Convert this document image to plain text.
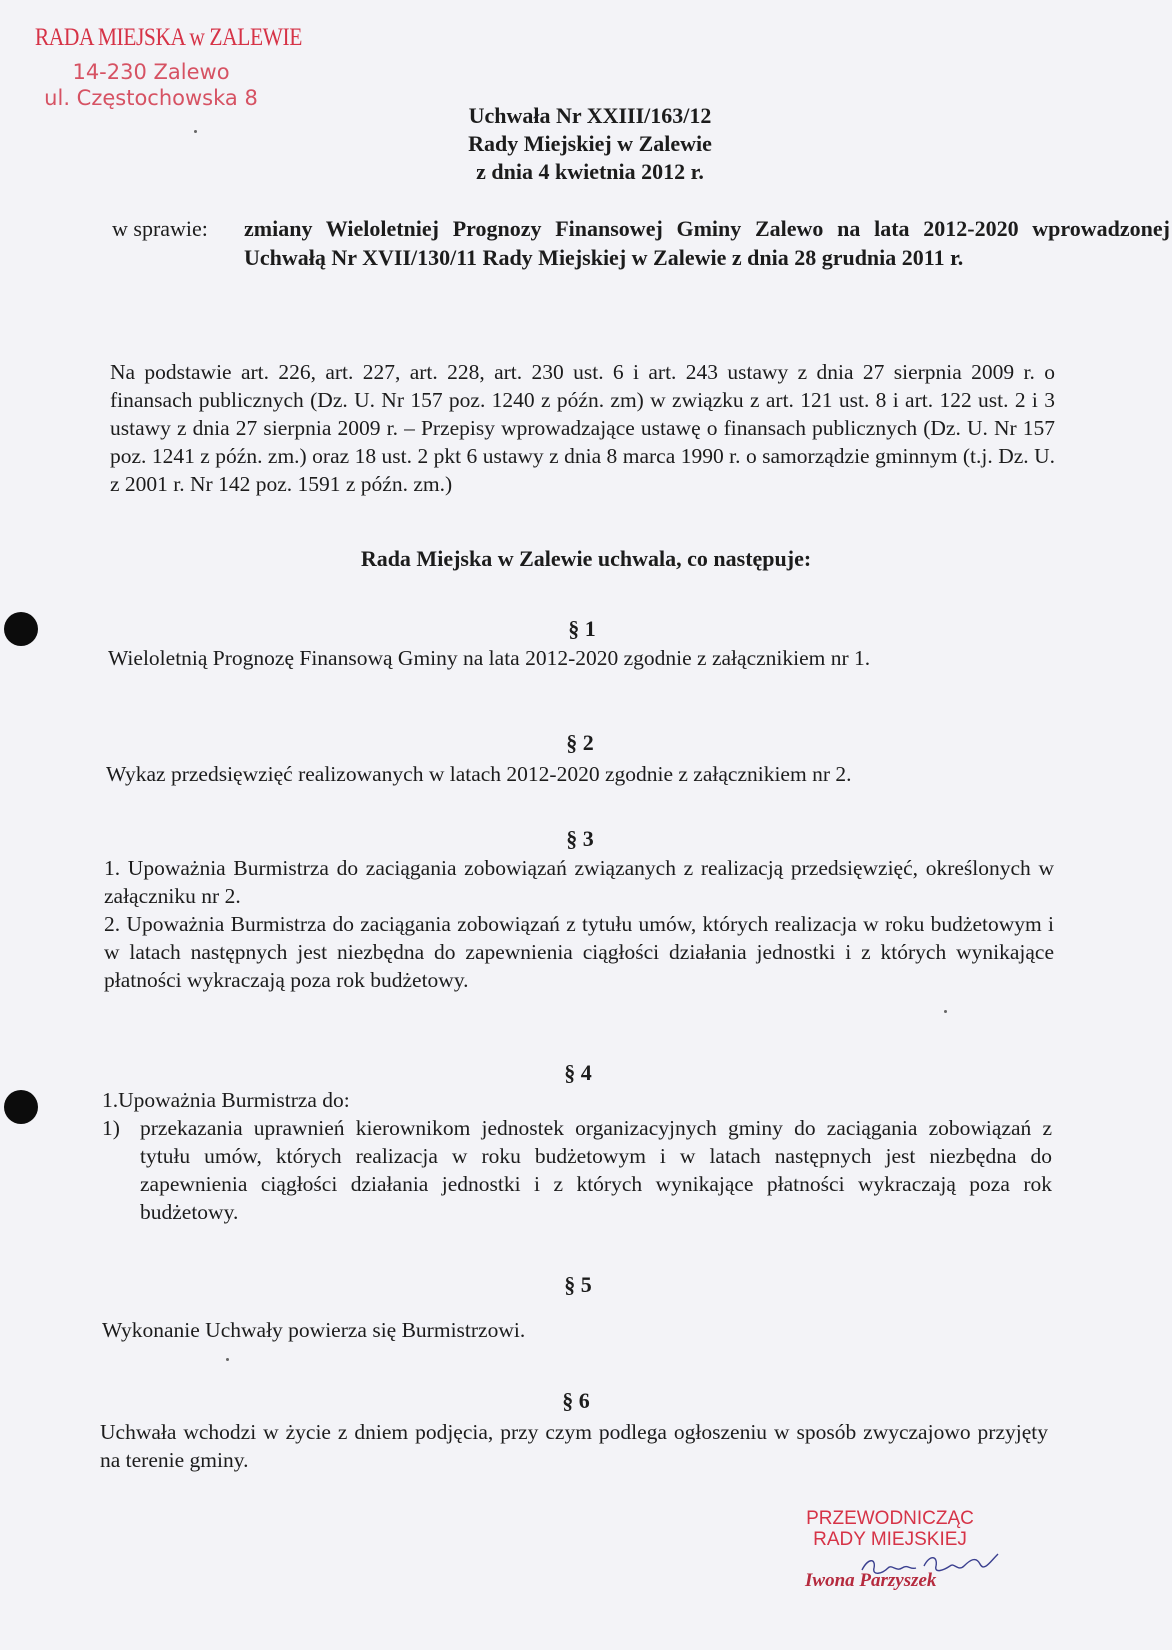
RADA MIEJSKA w ZALEWIE
14-230 Zalewo
ul. Częstochowska 8
Uchwała Nr XXIII/163/12
Rady Miejskiej w Zalewie
z dnia 4 kwietnia 2012 r.
w sprawie: zmiany Wieloletniej Prognozy Finansowej Gminy Zalewo na lata 2012-2020 wprowadzonej Uchwałą Nr XVII/130/11 Rady Miejskiej w Zalewie z dnia 28 grudnia 2011 r.
Na podstawie art. 226, art. 227, art. 228, art. 230 ust. 6 i art. 243 ustawy z dnia 27 sierpnia 2009 r. o finansach publicznych (Dz. U. Nr 157 poz. 1240 z późn. zm) w związku z art. 121 ust. 8 i art. 122 ust. 2 i 3 ustawy z dnia 27 sierpnia 2009 r. – Przepisy wprowadzające ustawę o finansach publicznych (Dz. U. Nr 157 poz. 1241 z późn. zm.) oraz 18 ust. 2 pkt 6 ustawy z dnia 8 marca 1990 r. o samorządzie gminnym (t.j. Dz. U. z 2001 r. Nr 142 poz. 1591 z późn. zm.)
Rada Miejska w Zalewie uchwala, co następuje:
§ 1
Wieloletnią Prognozę Finansową Gminy na lata 2012-2020 zgodnie z załącznikiem nr 1.
§ 2
Wykaz przedsięwzięć realizowanych w latach 2012-2020 zgodnie z załącznikiem nr 2.
§ 3
1. Upoważnia Burmistrza do zaciągania zobowiązań związanych z realizacją przedsięwzięć, określonych w załączniku nr 2.
2. Upoważnia Burmistrza do zaciągania zobowiązań z tytułu umów, których realizacja w roku budżetowym i w latach następnych jest niezbędna do zapewnienia ciągłości działania jednostki i z których wynikające płatności wykraczają poza rok budżetowy.
§ 4
1.Upoważnia Burmistrza do:
1) przekazania uprawnień kierownikom jednostek organizacyjnych gminy do zaciągania zobowiązań z tytułu umów, których realizacja w roku budżetowym i w latach następnych jest niezbędna do zapewnienia ciągłości działania jednostki i z których wynikające płatności wykraczają poza rok budżetowy.
§ 5
Wykonanie Uchwały powierza się Burmistrzowi.
§ 6
Uchwała wchodzi w życie z dniem podjęcia, przy czym podlega ogłoszeniu w sposób zwyczajowo przyjęty na terenie gminy.
PRZEWODNICZĄC
RADY MIEJSKIEJ
Iwona Parzyszek
